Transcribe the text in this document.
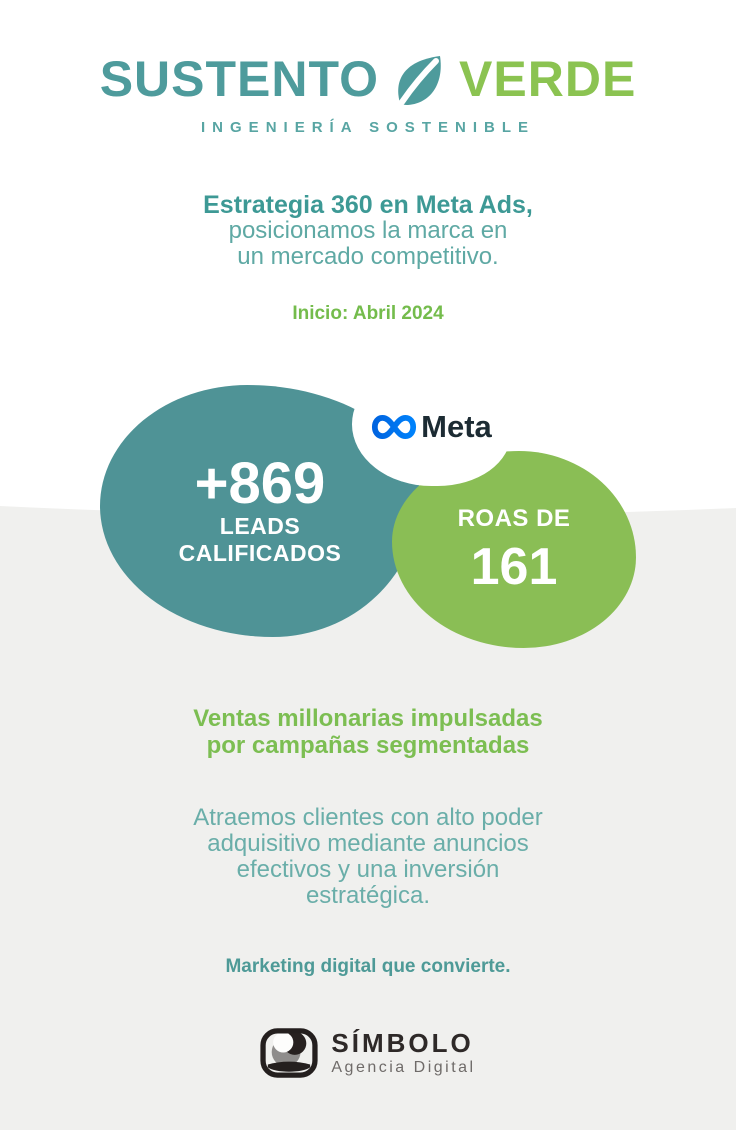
SUSTENTO VERDE
INGENIERÍA SOSTENIBLE
Estrategia 360 en Meta Ads,
posicionamos la marca en
un mercado competitivo.
Inicio: Abril 2024
+869
LEADS
CALIFICADOS
ROAS DE
161
Meta
Ventas millonarias impulsadas
por campañas segmentadas
Atraemos clientes con alto poder
adquisitivo mediante anuncios
efectivos y una inversión
estratégica.
Marketing digital que convierte.
SÍMBOLO
Agencia Digital
